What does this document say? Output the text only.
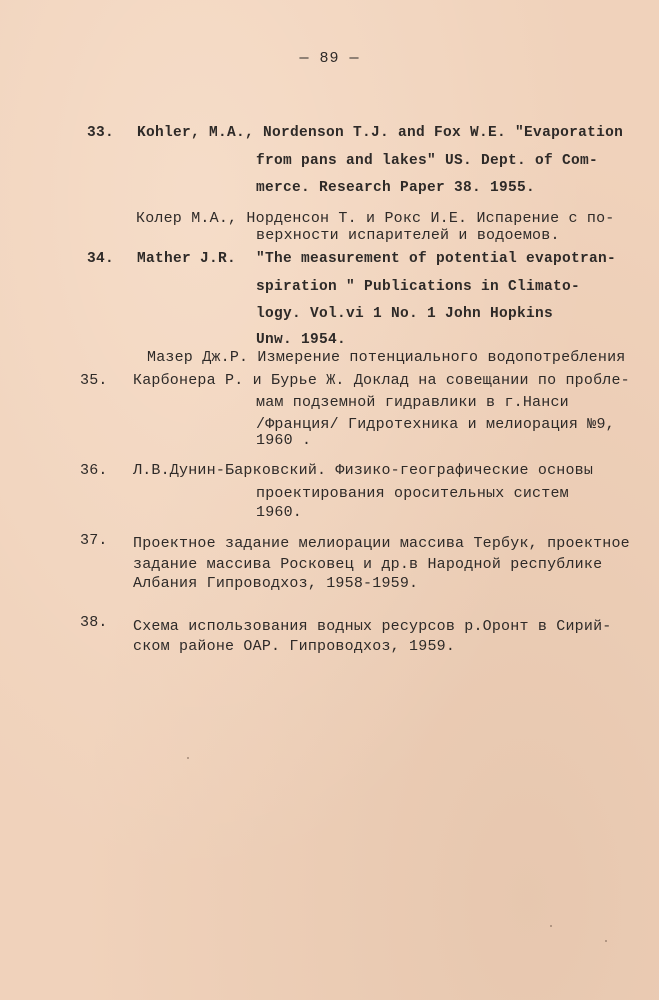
— 89 —
33. Kohler, M.A., Nordenson T.J. and Fox W.E. "Evaporation
from pans and lakes" US. Dept. of Com-
merce. Research Paper 38. 1955.
Колер М.А., Норденсон Т. и Рокс И.Е. Испарение с по-
верхности испарителей и водоемов.
34. Mather J.R. "The measurement of potential evapotran-
spiration " Publications in Climato-
logy. Vol.vi 1 No. 1 John Hopkins
Unw. 1954.
Мазер Дж.Р. Измерение потенциального водопотребления
35. Карбонера Р. и Бурье Ж. Доклад на совещании по пробле-
мам подземной гидравлики в г.Нанси
/Франция/ Гидротехника и мелиорация №9,
1960 .
36. Л.В.Дунин-Барковский. Физико-географические основы
проектирования оросительных систем
1960.
37. Проектное задание мелиорации массива Тербук, проектное
задание массива Росковец и др.в Народной республике
Албания Гипроводхоз, 1958-1959.
38. Схема использования водных ресурсов р.Оронт в Сирий-
ском районе ОАР. Гипроводхоз, 1959.
